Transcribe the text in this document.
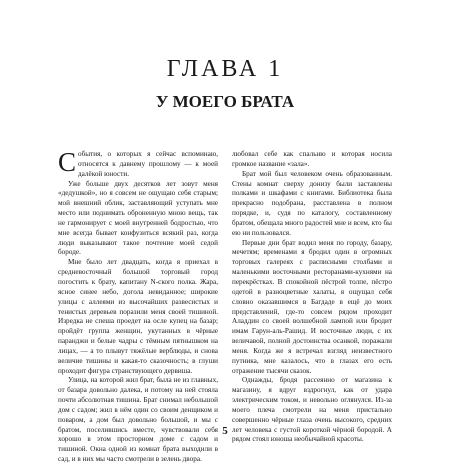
ГЛАВА 1
У МОЕГО БРАТА

События, о которых я сейчас вспоминаю, относятся к давнему прошлому — к моей далёкой юности.

Уже больше двух десятков лет зовут меня «дедушкой», но я совсем не ощущаю себя старым; мой внешний облик, заставляющий уступать мне место или поднимать оброненную мною вещь, так не гармонирует с моей внутренней бодростью, что мне всегда бывает конфузиться всякий раз, когда люди выказывают такое почтение моей седой бороде.

Мне было лет двадцать, когда я приехал в средневосточный большой торговый город погостить к брату, капитану N-ского полка. Жара, ясное синее небо, догола невиданное; широкие улицы с аллеями из высочайших развесистых и тенистых деревьев поразили меня своей тишиной. Изредка не спеша проедет на осле купец на базар; пройдёт группа женщин, укутанных в чёрные паранджи и белые чадры с тёмным пятнышком на лицах, — а то плывут тяжёлые верблюды, и снова величие тишины и какая-то сказочность; в глуши проходит фигура странствующего дервиша.

Улица, на которой жил брат, была не из главных, от базара довольно далека, и потому на ней стояла почти абсолютная тишина. Брат снимал небольшой дом с садом; жил в нём один со своим денщиком и поваром, а дом был довольно большой, и мы с братом, поселившись вместе, чувствовали себя хорошо в этом просторном доме с садом и тишиной. Окна одной из комнат брата выходили в сад, и в них мы часто смотрели в зелень двора.

любовал себе как спальню и которая носила громкое название «зала».

Брат мой был человеком очень образованным. Стены комнат сверху донизу были заставлены полками и шкафами с книгами. Библиотека была прекрасно подобрана, расставлена в полном порядке, и, судя по каталогу, составленному братом, обещала много радостей мне и всем, кто бы ею ни пользовался.

Первые дни брат водил меня по городу, базару, мечетям; временами я бродил один в огромных торговых галереях с расписными столбами и маленькими восточными ресторанами-кухнями на перекрёстках. В спокойной пёстрой толпе, пёстро одетой в разноцветные халаты, я ощущал себя словно оказавшимся в Багдаде в ещё до моих представлений, где-то совсем рядом проходит Аладдин со своей волшебной лампой или бродит имам Гарун-аль-Рашид. И восточные люди, с их величавой, полной достоинства осанкой, поражали меня. Когда же я встречал взгляд неизвестного путника, мне казалось, что в глазах его есть отражение тысячи сказок.

Однажды, бродя рассеянно от магазина к магазину, я вдруг вздрогнул, как от удара электрическим током, и невольно оглянулся. Из-за моего плеча смотрели на меня пристально совершенно чёрные глаза очень высокого, средних лет человека с густой короткой чёрной бородой. А рядом стоял юноша необычайной красоты.

5
